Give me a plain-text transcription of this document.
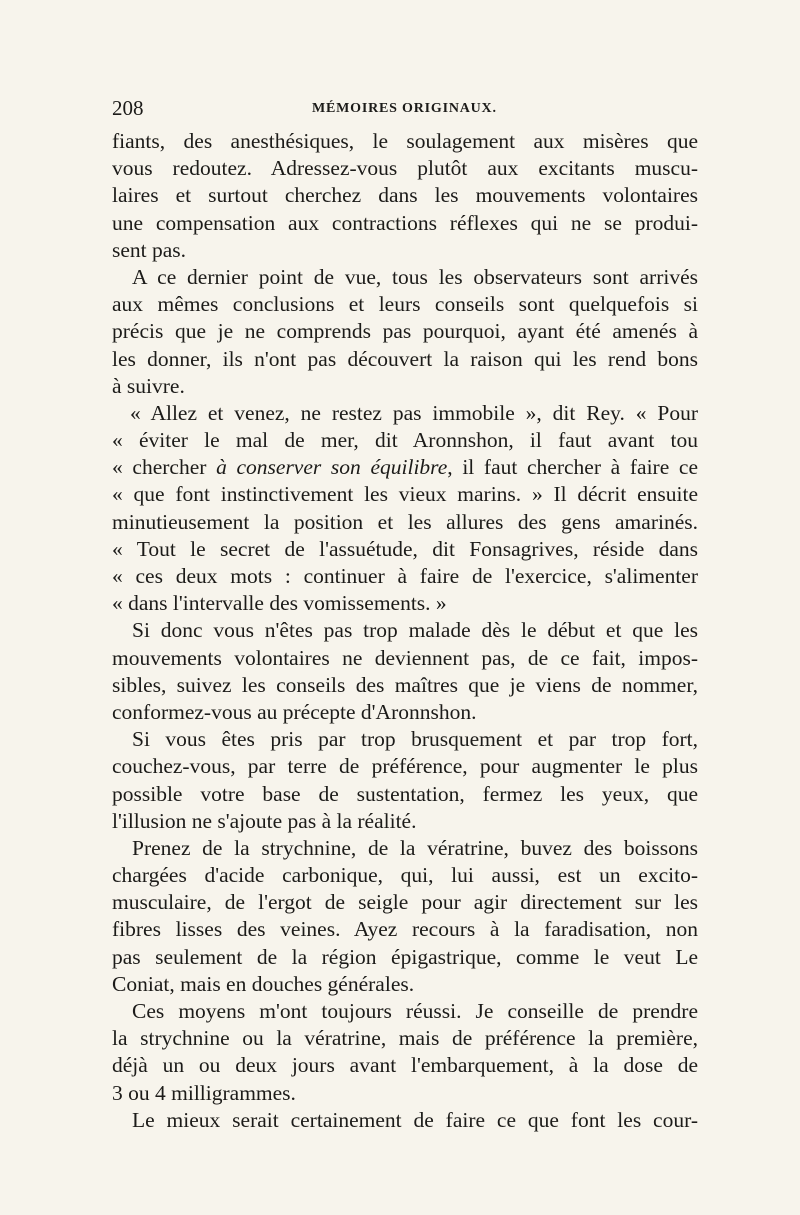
208	MÉMOIRES ORIGINAUX.
fiants, des anesthésiques, le soulagement aux misères que
vous redoutez. Adressez-vous plutôt aux excitants muscu-
laires et surtout cherchez dans les mouvements volontaires
une compensation aux contractions réflexes qui ne se produi-
sent pas.
A ce dernier point de vue, tous les observateurs sont arrivés
aux mêmes conclusions et leurs conseils sont quelquefois si
précis que je ne comprends pas pourquoi, ayant été amenés à
les donner, ils n'ont pas découvert la raison qui les rend bons
à suivre.
« Allez et venez, ne restez pas immobile », dit Rey. « Pour
« éviter le mal de mer, dit Aronnshon, il faut avant tou
« chercher à conserver son équilibre, il faut chercher à faire ce
« que font instinctivement les vieux marins. » Il décrit ensuite
minutieusement la position et les allures des gens amarinés.
« Tout le secret de l'assuétude, dit Fonsagrives, réside dans
« ces deux mots : continuer à faire de l'exercice, s'alimenter
« dans l'intervalle des vomissements. »
Si donc vous n'êtes pas trop malade dès le début et que les
mouvements volontaires ne deviennent pas, de ce fait, impos-
sibles, suivez les conseils des maîtres que je viens de nommer,
conformez-vous au précepte d'Aronnshon.
Si vous êtes pris par trop brusquement et par trop fort,
couchez-vous, par terre de préférence, pour augmenter le plus
possible votre base de sustentation, fermez les yeux, que
l'illusion ne s'ajoute pas à la réalité.
Prenez de la strychnine, de la vératrine, buvez des boissons
chargées d'acide carbonique, qui, lui aussi, est un excito-
musculaire, de l'ergot de seigle pour agir directement sur les
fibres lisses des veines. Ayez recours à la faradisation, non
pas seulement de la région épigastrique, comme le veut Le
Coniat, mais en douches générales.
Ces moyens m'ont toujours réussi. Je conseille de prendre
la strychnine ou la vératrine, mais de préférence la première,
déjà un ou deux jours avant l'embarquement, à la dose de
3 ou 4 milligrammes.
Le mieux serait certainement de faire ce que font les cour-
